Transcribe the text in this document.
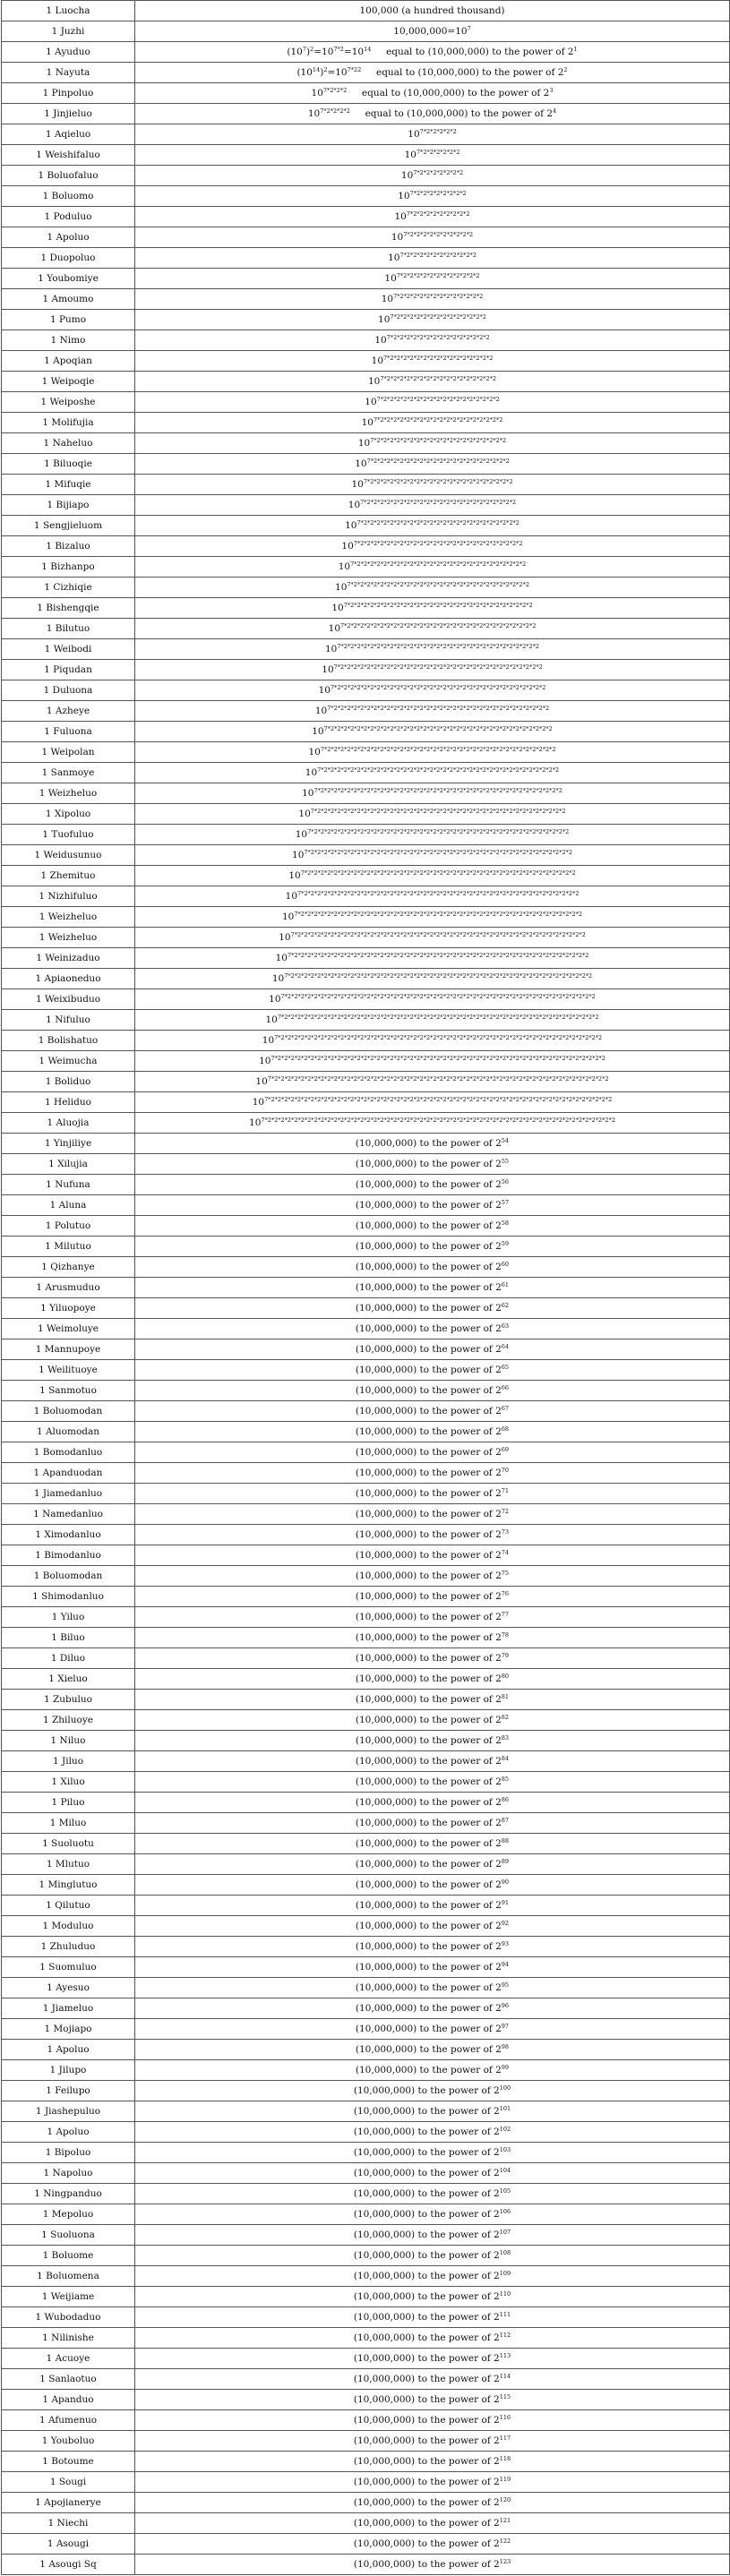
1 Luocha	100,000 (a hundred thousand)
1 Juzhi	$10,000,000=10^7$
1 Ayuduo	$(10^7)^2=10^{7*2}=10^{14}$     equal to (10,000,000) to the power of $2^1$
1 Nayuta	$(10^{14})^2=10^{7*22}$     equal to (10,000,000) to the power of $2^2$
1 Pinpoluo	$10^{7*2*2*2}$     equal to (10,000,000) to the power of $2^3$
1 Jinjieluo	$10^{7*2*2*2*2}$     equal to (10,000,000) to the power of $2^4$
1 Aqieluo	$10^{7*2*2*2*2*2}$
1 Weishifaluo	$10^{7*2*2*2*2*2*2}$
1 Boluofaluo	$10^{7*2*2*2*2*2*2*2}$
1 Boluomo	$10^{7*2*2*2*2*2*2*2*2}$
1 Poduluo	$10^{7*2*2*2*2*2*2*2*2*2}$
1 Apoluo	$10^{7*2*2*2*2*2*2*2*2*2*2}$
1 Duopoluo	$10^{7*2*2*2*2*2*2*2*2*2*2*2}$
1 Youbomiye	$10^{7*2*2*2*2*2*2*2*2*2*2*2*2}$
1 Amoumo	$10^{7*2*2*2*2*2*2*2*2*2*2*2*2*2}$
1 Pumo	$10^{7*2*2*2*2*2*2*2*2*2*2*2*2*2*2}$
1 Nimo	$10^{7*2*2*2*2*2*2*2*2*2*2*2*2*2*2*2}$
1 Apoqian	$10^{7*2*2*2*2*2*2*2*2*2*2*2*2*2*2*2*2}$
1 Weipoqie	$10^{7*2*2*2*2*2*2*2*2*2*2*2*2*2*2*2*2*2}$
1 Weiposhe	$10^{7*2*2*2*2*2*2*2*2*2*2*2*2*2*2*2*2*2*2}$
1 Molifujia	$10^{7*2*2*2*2*2*2*2*2*2*2*2*2*2*2*2*2*2*2*2}$
1 Naheluo	$10^{7*2*2*2*2*2*2*2*2*2*2*2*2*2*2*2*2*2*2*2*2}$
1 Biluoqie	$10^{7*2*2*2*2*2*2*2*2*2*2*2*2*2*2*2*2*2*2*2*2*2}$
1 Mifuqie	$10^{7*2*2*2*2*2*2*2*2*2*2*2*2*2*2*2*2*2*2*2*2*2*2}$
1 Bijiapo	$10^{7*2*2*2*2*2*2*2*2*2*2*2*2*2*2*2*2*2*2*2*2*2*2*2}$
1 Sengjieluom	$10^{7*2*2*2*2*2*2*2*2*2*2*2*2*2*2*2*2*2*2*2*2*2*2*2*2}$
1 Bizaluo	$10^{7*2*2*2*2*2*2*2*2*2*2*2*2*2*2*2*2*2*2*2*2*2*2*2*2*2}$
1 Bizhanpo	$10^{7*2*2*2*2*2*2*2*2*2*2*2*2*2*2*2*2*2*2*2*2*2*2*2*2*2*2}$
1 Cizhiqie	$10^{7*2*2*2*2*2*2*2*2*2*2*2*2*2*2*2*2*2*2*2*2*2*2*2*2*2*2*2}$
1 Bishengqie	$10^{7*2*2*2*2*2*2*2*2*2*2*2*2*2*2*2*2*2*2*2*2*2*2*2*2*2*2*2*2}$
1 Bilutuo	$10^{7*2*2*2*2*2*2*2*2*2*2*2*2*2*2*2*2*2*2*2*2*2*2*2*2*2*2*2*2*2}$
1 Weibodi	$10^{7*2*2*2*2*2*2*2*2*2*2*2*2*2*2*2*2*2*2*2*2*2*2*2*2*2*2*2*2*2*2}$
1 Piqudan	$10^{7*2*2*2*2*2*2*2*2*2*2*2*2*2*2*2*2*2*2*2*2*2*2*2*2*2*2*2*2*2*2*2}$
1 Duluona	$10^{7*2*2*2*2*2*2*2*2*2*2*2*2*2*2*2*2*2*2*2*2*2*2*2*2*2*2*2*2*2*2*2*2}$
1 Azheye	$10^{7*2*2*2*2*2*2*2*2*2*2*2*2*2*2*2*2*2*2*2*2*2*2*2*2*2*2*2*2*2*2*2*2*2}$
1 Fuluona	$10^{7*2*2*2*2*2*2*2*2*2*2*2*2*2*2*2*2*2*2*2*2*2*2*2*2*2*2*2*2*2*2*2*2*2*2}$
1 Weipolan	$10^{7*2*2*2*2*2*2*2*2*2*2*2*2*2*2*2*2*2*2*2*2*2*2*2*2*2*2*2*2*2*2*2*2*2*2*2}$
1 Sanmoye	$10^{7*2*2*2*2*2*2*2*2*2*2*2*2*2*2*2*2*2*2*2*2*2*2*2*2*2*2*2*2*2*2*2*2*2*2*2*2}$
1 Weizheluo	$10^{7*2*2*2*2*2*2*2*2*2*2*2*2*2*2*2*2*2*2*2*2*2*2*2*2*2*2*2*2*2*2*2*2*2*2*2*2*2}$
1 Xipoluo	$10^{7*2*2*2*2*2*2*2*2*2*2*2*2*2*2*2*2*2*2*2*2*2*2*2*2*2*2*2*2*2*2*2*2*2*2*2*2*2*2}$
1 Tuofuluo	$10^{7*2*2*2*2*2*2*2*2*2*2*2*2*2*2*2*2*2*2*2*2*2*2*2*2*2*2*2*2*2*2*2*2*2*2*2*2*2*2*2}$
1 Weidusunuo	$10^{7*2*2*2*2*2*2*2*2*2*2*2*2*2*2*2*2*2*2*2*2*2*2*2*2*2*2*2*2*2*2*2*2*2*2*2*2*2*2*2*2}$
1 Zhemituo	$10^{7*2*2*2*2*2*2*2*2*2*2*2*2*2*2*2*2*2*2*2*2*2*2*2*2*2*2*2*2*2*2*2*2*2*2*2*2*2*2*2*2*2}$
1 Nizhifuluo	$10^{7*2*2*2*2*2*2*2*2*2*2*2*2*2*2*2*2*2*2*2*2*2*2*2*2*2*2*2*2*2*2*2*2*2*2*2*2*2*2*2*2*2*2}$
1 Weizheluo	$10^{7*2*2*2*2*2*2*2*2*2*2*2*2*2*2*2*2*2*2*2*2*2*2*2*2*2*2*2*2*2*2*2*2*2*2*2*2*2*2*2*2*2*2*2}$
1 Weizheluo	$10^{7*2*2*2*2*2*2*2*2*2*2*2*2*2*2*2*2*2*2*2*2*2*2*2*2*2*2*2*2*2*2*2*2*2*2*2*2*2*2*2*2*2*2*2*2}$
1 Weinizaduo	$10^{7*2*2*2*2*2*2*2*2*2*2*2*2*2*2*2*2*2*2*2*2*2*2*2*2*2*2*2*2*2*2*2*2*2*2*2*2*2*2*2*2*2*2*2*2*2}$
1 Apiaoneduo	$10^{7*2*2*2*2*2*2*2*2*2*2*2*2*2*2*2*2*2*2*2*2*2*2*2*2*2*2*2*2*2*2*2*2*2*2*2*2*2*2*2*2*2*2*2*2*2*2}$
1 Weixibuduo	$10^{7*2*2*2*2*2*2*2*2*2*2*2*2*2*2*2*2*2*2*2*2*2*2*2*2*2*2*2*2*2*2*2*2*2*2*2*2*2*2*2*2*2*2*2*2*2*2*2}$
1 Nifuluo	$10^{7*2*2*2*2*2*2*2*2*2*2*2*2*2*2*2*2*2*2*2*2*2*2*2*2*2*2*2*2*2*2*2*2*2*2*2*2*2*2*2*2*2*2*2*2*2*2*2*2}$
1 Bolishatuo	$10^{7*2*2*2*2*2*2*2*2*2*2*2*2*2*2*2*2*2*2*2*2*2*2*2*2*2*2*2*2*2*2*2*2*2*2*2*2*2*2*2*2*2*2*2*2*2*2*2*2*2}$
1 Weimucha	$10^{7*2*2*2*2*2*2*2*2*2*2*2*2*2*2*2*2*2*2*2*2*2*2*2*2*2*2*2*2*2*2*2*2*2*2*2*2*2*2*2*2*2*2*2*2*2*2*2*2*2*2}$
1 Boliduo	$10^{7*2*2*2*2*2*2*2*2*2*2*2*2*2*2*2*2*2*2*2*2*2*2*2*2*2*2*2*2*2*2*2*2*2*2*2*2*2*2*2*2*2*2*2*2*2*2*2*2*2*2*2}$
1 Heliduo	$10^{7*2*2*2*2*2*2*2*2*2*2*2*2*2*2*2*2*2*2*2*2*2*2*2*2*2*2*2*2*2*2*2*2*2*2*2*2*2*2*2*2*2*2*2*2*2*2*2*2*2*2*2*2}$
1 Aluojia	$10^{7*2*2*2*2*2*2*2*2*2*2*2*2*2*2*2*2*2*2*2*2*2*2*2*2*2*2*2*2*2*2*2*2*2*2*2*2*2*2*2*2*2*2*2*2*2*2*2*2*2*2*2*2*2}$
1 Yinjiliye	(10,000,000) to the power of $2^{54}$
1 Xilujia	(10,000,000) to the power of $2^{55}$
1 Nufuna	(10,000,000) to the power of $2^{56}$
1 Aluna	(10,000,000) to the power of $2^{57}$
1 Polutuo	(10,000,000) to the power of $2^{58}$
1 Milutuo	(10,000,000) to the power of $2^{59}$
1 Qizhanye	(10,000,000) to the power of $2^{60}$
1 Arusmuduo	(10,000,000) to the power of $2^{61}$
1 Yiluopoye	(10,000,000) to the power of $2^{62}$
1 Weimoluye	(10,000,000) to the power of $2^{63}$
1 Mannupoye	(10,000,000) to the power of $2^{64}$
1 Weilituoye	(10,000,000) to the power of $2^{65}$
1 Sanmotuo	(10,000,000) to the power of $2^{66}$
1 Boluomodan	(10,000,000) to the power of $2^{67}$
1 Aluomodan	(10,000,000) to the power of $2^{68}$
1 Bomodanluo	(10,000,000) to the power of $2^{69}$
1 Apanduodan	(10,000,000) to the power of $2^{70}$
1 Jiamedanluo	(10,000,000) to the power of $2^{71}$
1 Namedanluo	(10,000,000) to the power of $2^{72}$
1 Ximodanluo	(10,000,000) to the power of $2^{73}$
1 Bimodanluo	(10,000,000) to the power of $2^{74}$
1 Boluomodan	(10,000,000) to the power of $2^{75}$
1 Shimodanluo	(10,000,000) to the power of $2^{76}$
1 Yiluo	(10,000,000) to the power of $2^{77}$
1 Biluo	(10,000,000) to the power of $2^{78}$
1 Diluo	(10,000,000) to the power of $2^{79}$
1 Xieluo	(10,000,000) to the power of $2^{80}$
1 Zubuluo	(10,000,000) to the power of $2^{81}$
1 Zhiluoye	(10,000,000) to the power of $2^{82}$
1 Niluo	(10,000,000) to the power of $2^{83}$
1 Jiluo	(10,000,000) to the power of $2^{84}$
1 Xiluo	(10,000,000) to the power of $2^{85}$
1 Piluo	(10,000,000) to the power of $2^{86}$
1 Miluo	(10,000,000) to the power of $2^{87}$
1 Suoluotu	(10,000,000) to the power of $2^{88}$
1 Mlutuo	(10,000,000) to the power of $2^{89}$
1 Minglutuo	(10,000,000) to the power of $2^{90}$
1 Qilutuo	(10,000,000) to the power of $2^{91}$
1 Moduluo	(10,000,000) to the power of $2^{92}$
1 Zhuluduo	(10,000,000) to the power of $2^{93}$
1 Suomuluo	(10,000,000) to the power of $2^{94}$
1 Ayesuo	(10,000,000) to the power of $2^{95}$
1 Jiameluo	(10,000,000) to the power of $2^{96}$
1 Mojiapo	(10,000,000) to the power of $2^{97}$
1 Apoluo	(10,000,000) to the power of $2^{98}$
1 Jilupo	(10,000,000) to the power of $2^{99}$
1 Feilupo	(10,000,000) to the power of $2^{100}$
1 Jiashepuluo	(10,000,000) to the power of $2^{101}$
1 Apoluo	(10,000,000) to the power of $2^{102}$
1 Bipoluo	(10,000,000) to the power of $2^{103}$
1 Napoluo	(10,000,000) to the power of $2^{104}$
1 Ningpanduo	(10,000,000) to the power of $2^{105}$
1 Mepoluo	(10,000,000) to the power of $2^{106}$
1 Suoluona	(10,000,000) to the power of $2^{107}$
1 Boluome	(10,000,000) to the power of $2^{108}$
1 Boluomena	(10,000,000) to the power of $2^{109}$
1 Weijiame	(10,000,000) to the power of $2^{110}$
1 Wubodaduo	(10,000,000) to the power of $2^{111}$
1 Nilinishe	(10,000,000) to the power of $2^{112}$
1 Acuoye	(10,000,000) to the power of $2^{113}$
1 Sanlaotuo	(10,000,000) to the power of $2^{114}$
1 Apanduo	(10,000,000) to the power of $2^{115}$
1 Afumenuo	(10,000,000) to the power of $2^{116}$
1 Youboluo	(10,000,000) to the power of $2^{117}$
1 Botoume	(10,000,000) to the power of $2^{118}$
1 Sougi	(10,000,000) to the power of $2^{119}$
1 Apojianerye	(10,000,000) to the power of $2^{120}$
1 Niechi	(10,000,000) to the power of $2^{121}$
1 Asougi	(10,000,000) to the power of $2^{122}$
1 Asougi Sq	(10,000,000) to the power of $2^{123}$
